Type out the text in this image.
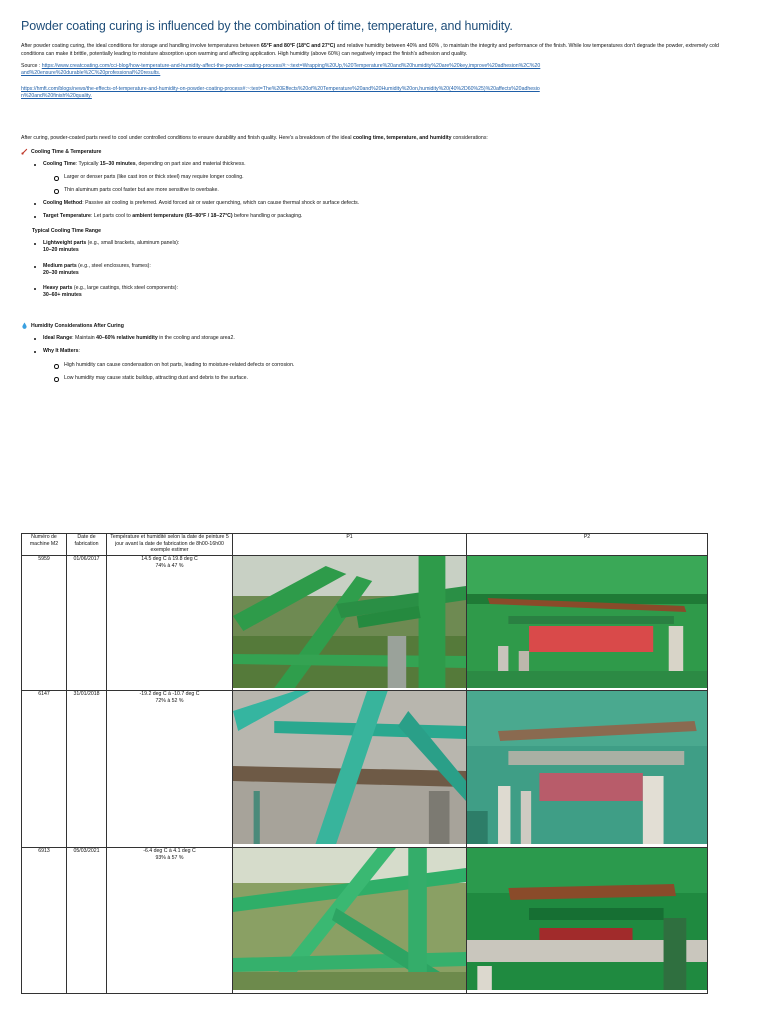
Powder coating curing is influenced by the combination of time, temperature, and humidity.

After powder coating curing, the ideal conditions for storage and handling involve temperatures between 65°F and 80°F (18°C and 27°C) and relative humidity between 40% and 60% , to maintain the integrity and performance of the finish. While low temperatures don't degrade the powder, extremely cold conditions can make it brittle, potentially leading to moisture absorption upon warming and affecting application. High humidity (above 60%) can negatively impact the finish's adhesion and quality.

Source : https://www.creatcoating.com/cci-blog/how-temperature-and-humidity-affect-the-powder-coating-process/#:~:text=Wrapping%20Up,%20Temperature%20and%20humidity%20are%20key,improve%20adhesion%2C%20and%20ensure%20durable%2C%20professional%20results.
https://hmft.com/blogs/news/the-effects-of-temperature-and-humidity-on-powder-coating-process#:~:text=The%20Effects%20of%20Temperature%20and%20Humidity%20on,humidity%20(40%2D60%25)%20affects%20adhesion%20and%20finish%20quality.

After curing, powder-coated parts need to cool under controlled conditions to ensure durability and finish quality. Here's a breakdown of the ideal cooling time, temperature, and humidity considerations:

Cooling Time & Temperature
Cooling Time: Typically 15–30 minutes, depending on part size and material thickness.
Larger or denser parts (like cast iron or thick steel) may require longer cooling.
Thin aluminum parts cool faster but are more sensitive to overbake.
Cooling Method: Passive air cooling is preferred. Avoid forced air or water quenching, which can cause thermal shock or surface defects.
Target Temperature: Let parts cool to ambient temperature (65–80°F / 18–27°C) before handling or packaging.
Typical Cooling Time Range
Lightweight parts (e.g., small brackets, aluminum panels):
10–20 minutes
Medium parts (e.g., steel enclosures, frames):
20–30 minutes
Heavy parts (e.g., large castings, thick steel components):
30–60+ minutes
Humidity Considerations After Curing
Ideal Range: Maintain 40–60% relative humidity in the cooling and storage area2.
Why It Matters:
High humidity can cause condensation on hot parts, leading to moisture-related defects or corrosion.
Low humidity may cause static buildup, attracting dust and debris to the surface.
Numéro de machine M2	Date de fabrication	Température et humidité selon la date de peinture 5 jour avant la date de fabrication de 8h00-16h00 exemple estimer	P1	P2
5959	01/06/2017	14.5 deg C à 19.8 deg C
74% à 47 %

6147	31/01/2018	-19.2 deg C à -10.7 deg C
72% à 52 %

6913	05/03/2021	-6.4 deg C à 4.1 deg C
93% à 57 %
